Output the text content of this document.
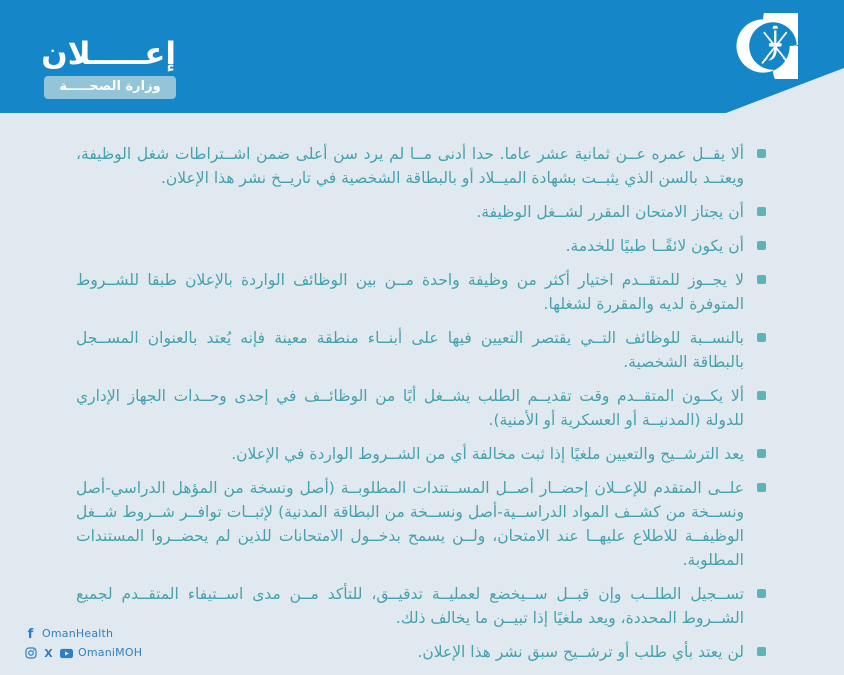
إعـــــلان
وزارة الصحـــــة

ألا يقــل عمره عــن ثمانية عشر عاما. حدا أدنى مــا لم يرد سن أعلى ضمن اشــتراطات شغل الوظيفة، ويعتــد بالسن الذي يثبــت بشهادة الميــلاد أو بالبطاقة الشخصية في تاريــخ نشر هذا الإعلان.

أن يجتاز الامتحان المقرر لشــغل الوظيفة.

أن يكون لائقًــا طبيًا للخدمة.

لا يجــوز للمتقــدم اختيار أكثر من وظيفة واحدة مــن بين الوظائف الواردة بالإعلان طبقا للشــروط المتوفرة لديه والمقررة لشغلها.

بالنســبة للوظائف التــي يقتصر التعيين فيها على أبنــاء منطقة معينة فإنه يُعتد بالعنوان المســجل بالبطاقة الشخصية.

ألا يكــون المتقــدم وقت تقديــم الطلب يشــغل أيًا من الوظائــف في إحدى وحــدات الجهاز الإداري للدولة (المدنيــة أو العسكرية أو الأمنية).

يعد الترشــيح والتعيين ملغيًا إذا ثبت مخالفة أي من الشــروط الواردة في الإعلان.

علــى المتقدم للإعــلان إحضــار أصــل المســتندات المطلوبــة (أصل ونسخة من المؤهل الدراسي-أصل ونســخة من كشــف المواد الدراســية-أصل ونســخة من البطاقة المدنية) لإثبــات توافــر شــروط شــغل الوظيفــة للاطلاع عليهــا عند الامتحان، ولــن يسمح بدخــول الامتحانات للذين لم يحضــروا المستندات المطلوبة.

تســجيل الطلــب وإن قبــل ســيخضع لعمليــة تدقيــق، للتأكد مــن مدى اســتيفاء المتقــدم لجميع الشــروط المحددة، ويعد ملغيًا إذا تبيــن ما يخالف ذلك.

لن يعتد بأي طلب أو ترشــيح سبق نشر هذا الإعلان.

f OmanHealth
X OmaniMOH
